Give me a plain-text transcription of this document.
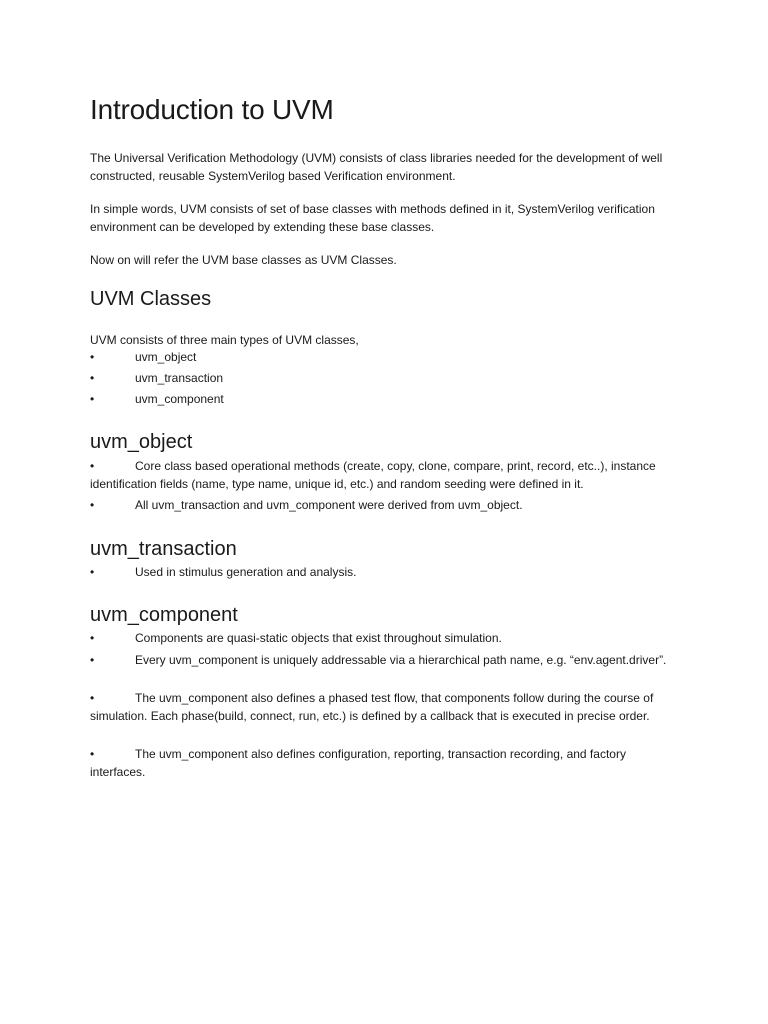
Introduction to UVM

The Universal Verification Methodology (UVM) consists of class libraries needed for the development of well constructed, reusable SystemVerilog based Verification environment.

In simple words, UVM consists of set of base classes with methods defined in it, SystemVerilog verification environment can be developed by extending these base classes.

Now on will refer the UVM base classes as UVM Classes.

UVM Classes

UVM consists of three main types of UVM classes,

•	uvm_object
•	uvm_transaction
•	uvm_component
uvm_object
•	Core class based operational methods (create, copy, clone, compare, print, record, etc..), instance identification fields (name, type name, unique id, etc.) and random seeding were defined in it.
•	All uvm_transaction and uvm_component were derived from uvm_object.
uvm_transaction
•	Used in stimulus generation and analysis.
uvm_component
•	Components are quasi-static objects that exist throughout simulation.
•	Every uvm_component is uniquely addressable via a hierarchical path name, e.g. “env.agent.driver”.
•	The uvm_component also defines a phased test flow, that components follow during the course of simulation. Each phase(build, connect, run, etc.) is defined by a callback that is executed in precise order.
•	The uvm_component also defines configuration, reporting, transaction recording, and factory interfaces.
